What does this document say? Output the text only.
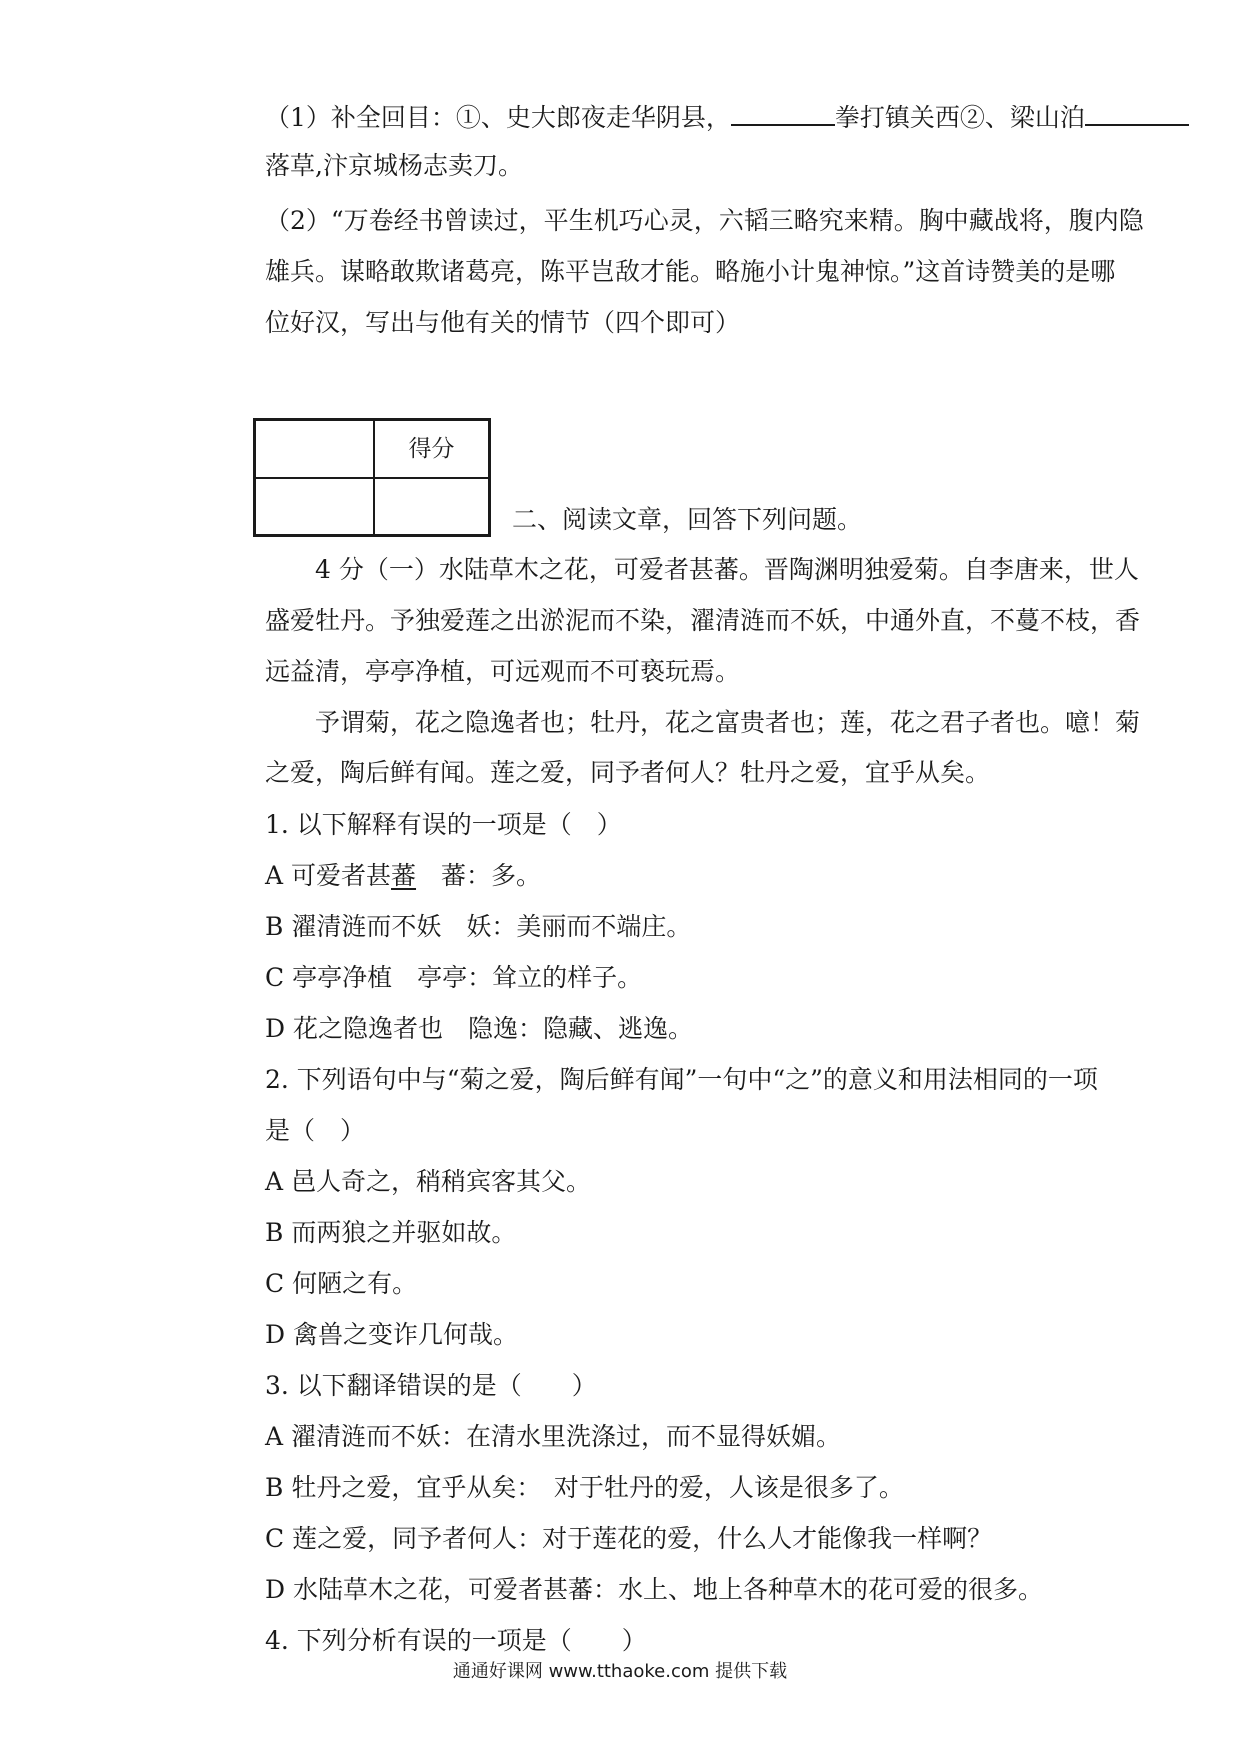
（1）补全回目：①、史大郎夜走华阴县，	拳打镇关西②、梁山泊
落草,汴京城杨志卖刀。
（2）“万卷经书曾读过，平生机巧心灵，六韬三略究来精。胸中藏战将，腹内隐
雄兵。谋略敢欺诸葛亮，陈平岂敌才能。略施小计鬼神惊。”这首诗赞美的是哪
位好汉，写出与他有关的情节（四个即可）
得分
二、阅读文章，回答下列问题。
4 分（一）水陆草木之花，可爱者甚蕃。晋陶渊明独爱菊。自李唐来，世人
盛爱牡丹。予独爱莲之出淤泥而不染，濯清涟而不妖，中通外直，不蔓不枝，香
远益清，亭亭净植，可远观而不可亵玩焉。
予谓菊，花之隐逸者也；牡丹，花之富贵者也；莲，花之君子者也。噫！菊
之爱，陶后鲜有闻。莲之爱，同予者何人？牡丹之爱，宜乎从矣。
1. 以下解释有误的一项是（　）
A 可爱者甚蕃　蕃：多。
B 濯清涟而不妖　妖：美丽而不端庄。
C 亭亭净植　亭亭：耸立的样子。
D 花之隐逸者也　隐逸：隐藏、逃逸。
2. 下列语句中与“菊之爱，陶后鲜有闻”一句中“之”的意义和用法相同的一项
是（　）
A 邑人奇之，稍稍宾客其父。
B 而两狼之并驱如故。
C 何陋之有。
D 禽兽之变诈几何哉。
3. 以下翻译错误的是（　　）
A 濯清涟而不妖：在清水里洗涤过，而不显得妖媚。
B 牡丹之爱，宜乎从矣：　对于牡丹的爱，人该是很多了。
C 莲之爱，同予者何人：对于莲花的爱，什么人才能像我一样啊？
D 水陆草木之花，可爱者甚蕃：水上、地上各种草木的花可爱的很多。
4. 下列分析有误的一项是（　　）
通通好课网 www.tthaoke.com 提供下载
